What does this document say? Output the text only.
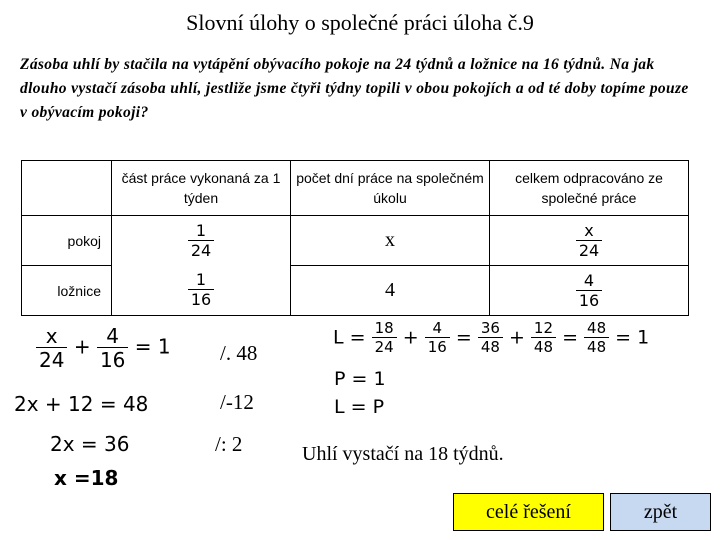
Slovní úlohy o společné práci úloha č.9
Zásoba uhlí by stačila na vytápění obývacího pokoje na 24 týdnů a ložnice na 16 týdnů. Na jak dlouho vystačí zásoba uhlí, jestliže jsme čtyři týdny topili v obou pokojích a od té doby topíme pouze v obývacím pokoji?
	část práce vykonaná za 1 týden	počet dní práce na společném úkolu	celkem odpracováno ze společné práce
pokoj	$\frac{1}{24}$	x	$\frac{x}{24}$

ložnice	$\frac{1}{16}$	4	$\frac{4}{16}$
$\frac{x}{24} + \frac{4}{16} = 1$
2x + 12 = 48
2x = 36
x =18
/. 48
/-12
/: 2
$L = \frac{18}{24} + \frac{4}{16} = \frac{36}{48} + \frac{12}{48} = \frac{48}{48} = 1$
P = 1
L = P
Uhlí vystačí na 18 týdnů.
celé řešení	zpět
